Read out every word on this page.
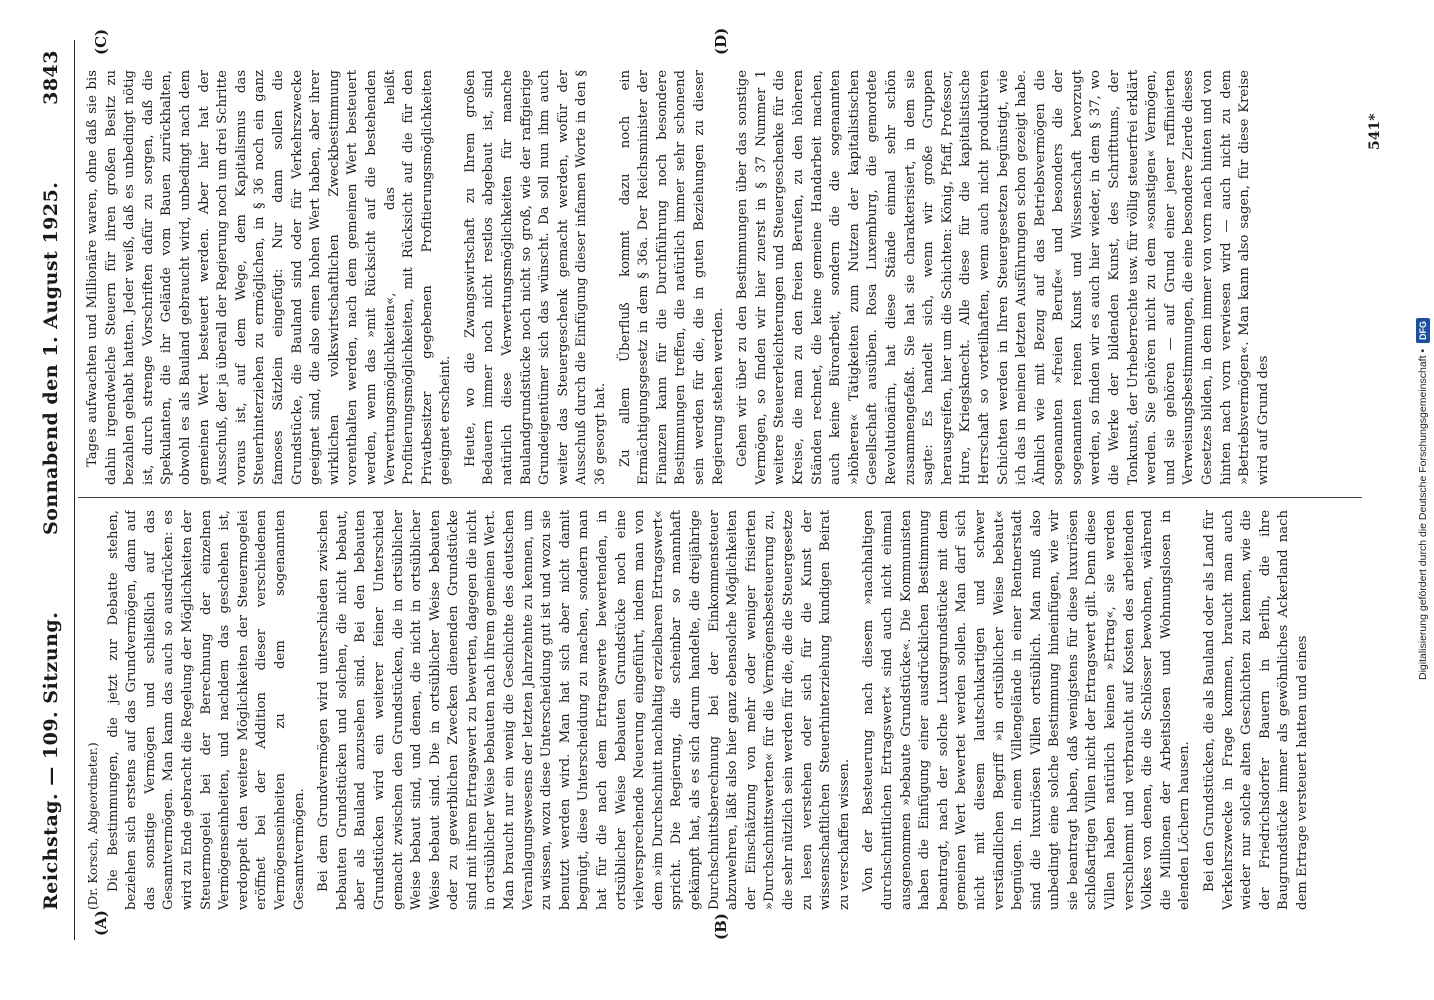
Reichstag. — 109. Sitzung.
Sonnabend den 1. August 1925.
3843
(A)	(B)
(C)	(D)

(Dr. Korsch, Abgeordneter.) Die Bestimmungen, die jetzt zur Debatte stehen, beziehen sich erstens auf das Grundvermögen, dann auf das sonstige Vermögen und schließlich auf das Gesamtvermögen. Man kann das auch so ausdrücken: es wird zu Ende gebracht die Regelung der Möglichkeiten der Steuermogelei bei der Berechnung der einzelnen Vermögenseinheiten, und nachdem das geschehen ist, verdoppelt den weitere Möglichkeiten der Steuermogelei eröffnet bei der Addition dieser verschiedenen Vermögenseinheiten zu dem sogenannten Gesamtvermögen. Bei dem Grundvermögen wird unterschieden zwischen bebauten Grundstücken und solchen, die nicht bebaut, aber als Bauland anzusehen sind. Bei den bebauten Grundstücken wird ein weiterer feiner Unterschied gemacht zwischen den Grundstücken, die in ortsüblicher Weise bebaut sind, und denen, die nicht in ortsüblicher Weise bebaut sind. Die in ortsüblicher Weise bebauten oder zu gewerblichen Zwecken dienenden Grundstücke sind mit ihrem Ertragswert zu bewerten, dagegen die nicht in ortsüblicher Weise bebauten nach ihrem gemeinen Wert. Man braucht nur ein wenig die Geschichte des deutschen Veranlagungswesens der letzten Jahrzehnte zu kennen, um zu wissen, wozu diese Unterscheidung gut ist und wozu sie benutzt werden wird. Man hat sich aber nicht damit begnügt, diese Unterscheidung zu machen, sondern man hat für die nach dem Ertragswerte bewertenden, in ortsüblicher Weise bebauten Grundstücke noch eine vielversprechende Neuerung eingeführt, indem man von dem »im Durchschnitt nachhaltig erzielbaren Ertragswert« spricht. Die Regierung, die scheinbar so mannhaft gekämpft hat, als es sich darum handelte, die dreijährige Durchschnittsberechnung bei der Einkommensteuer abzuwehren, läßt also hier ganz ebensolche Möglichkeiten der Einschätzung von mehr oder weniger frisierten »Durchschnittswerten« für die Vermögensbesteuerung zu, die sehr nützlich sein werden für die, die die Steuergesetze zu lesen verstehen oder sich für die Kunst der wissenschaftlichen Steuerhinterziehung kundigen Beirat zu verschaffen wissen. Von der Besteuerung nach diesem »nachhaltigen durchschnittlichen Ertragswert« sind auch nicht einmal ausgenommen »bebaute Grundstücke«. Die Kommunisten haben die Einfügung einer ausdrücklichen Bestimmung beantragt, nach der solche Luxusgrundstücke mit dem gemeinen Wert bewertet werden sollen. Man darf sich nicht mit diesem lautschukartigen und schwer verständlichen Begriff »in ortsüblicher Weise bebaut« begnügen. In einem Villengelände in einer Rentnerstadt sind die luxuriösen Villen ortsüblich. Man muß also unbedingt eine solche Bestimmung hineinfügen, wie wir sie beantragt haben, daß wenigstens für diese luxuriösen schloßartigen Villen nicht der Ertragswert gilt. Denn diese Villen haben natürlich keinen »Ertrag«, sie werden verschlemmt und verbraucht auf Kosten des arbeitenden Volkes von denen, die die Schlösser bewohnen, während die Millionen der Arbeitslosen und Wohnungslosen in elenden Löchern hausen. Bei den Grundstücken, die als Bauland oder als Land für Verkehrszwecke in Frage kommen, braucht man auch wieder nur solche alten Geschichten zu kennen, wie die der Friedrichsdorfer Bauern in Berlin, die ihre Baugrundstücke immer als gewöhnliches Ackerland nach dem Ertrage versteuert hatten und eines

Tages aufwachten und Millionäre waren, ohne daß sie bis dahin irgendwelche Steuern für ihren großen Besitz zu bezahlen gehabt hatten. Jeder weiß, daß es unbedingt nötig ist, durch strenge Vorschriften dafür zu sorgen, daß die Spekulanten, die ihr Gelände vom Bauen zurückhalten, obwohl es als Bauland gebraucht wird, unbedingt nach dem gemeinen Wert besteuert werden. Aber hier hat der Ausschuß, der ja überall der Regierung noch um drei Schritte voraus ist, auf dem Wege, dem Kapitalismus das Steuerhinterziehen zu ermöglichen, in § 36 noch ein ganz famoses Sätzlein eingefügt: Nur dann sollen die Grundstücke, die Bauland sind oder für Verkehrszwecke geeignet sind, die also einen hohen Wert haben, aber ihrer wirklichen volkswirtschaftlichen Zweckbestimmung vorenthalten werden, nach dem gemeinen Wert besteuert werden, wenn das »mit Rücksicht auf die bestehenden Verwertungsmöglichkeiten«, das heißt Profitierungsmöglichkeiten, mit Rücksicht auf die für den Privatbesitzer gegebenen Profitierungsmöglichkeiten geeignet erscheint. Heute, wo die Zwangswirtschaft zu Ihrem großen Bedauern immer noch nicht restlos abgebaut ist, sind natürlich diese Verwertungsmöglichkeiten für manche Baulandgrundstücke noch nicht so groß, wie der raffgierige Grundeigentümer sich das wünscht. Da soll nun ihm auch weiter das Steuergeschenk gemacht werden, wofür der Ausschuß durch die Einfügung dieser infamen Worte in den § 36 gesorgt hat. Zu allem Überfluß kommt dazu noch ein Ermächtigungsgesetz in dem § 36a. Der Reichsminister der Finanzen kann für die Durchführung noch besondere Bestimmungen treffen, die natürlich immer sehr schonend sein werden für die, die in guten Beziehungen zu dieser Regierung stehen werden. Gehen wir über zu den Bestimmungen über das sonstige Vermögen, so finden wir hier zuerst in § 37 Nummer 1 weitere Steuererleichterungen und Steuergeschenke für die Kreise, die man zu den freien Berufen, zu den höheren Ständen rechnet, die keine gemeine Handarbeit machen, auch keine Büroarbeit, sondern die die sogenannten »höheren« Tätigkeiten zum Nutzen der kapitalistischen Gesellschaft ausüben. Rosa Luxemburg, die gemordete Revolutionärin, hat diese Stände einmal sehr schön zusammengefaßt. Sie hat sie charakterisiert, in dem sie sagte: Es handelt sich, wenn wir große Gruppen herausgreifen, hier um die Schichten: König, Pfaff, Professor, Hure, Kriegsknecht. Alle diese für die kapitalistische Herrschaft so vorteilhaften, wenn auch nicht produktiven Schichten werden in Ihren Steuergesetzen begünstigt, wie ich das in meinen letzten Ausführungen schon gezeigt habe. Ähnlich wie mit Bezug auf das Betriebsvermögen die sogenannten »freien Berufe« und besonders die der sogenannten reinen Kunst und Wissenschaft bevorzugt werden, so finden wir es auch hier wieder, in dem § 37, wo die Werke der bildenden Kunst, des Schrifttums, der Tonkunst, der Urheberrechte usw. für völlig steuerfrei erklärt werden. Sie gehören nicht zu dem »sonstigen« Vermögen, und sie gehören — auf Grund einer jener raffinierten Verweisungsbestimmungen, die eine besondere Zierde dieses Gesetzes bilden, in dem immer von vorn nach hinten und von hinten nach vorn verwiesen wird — auch nicht zu dem »Betriebsvermögen«. Man kann also sagen, für diese Kreise wird auf Grund des

541*
Digitalisierung gefördert durch die Deutsche Forschungsgemeinschaft •
DFG
